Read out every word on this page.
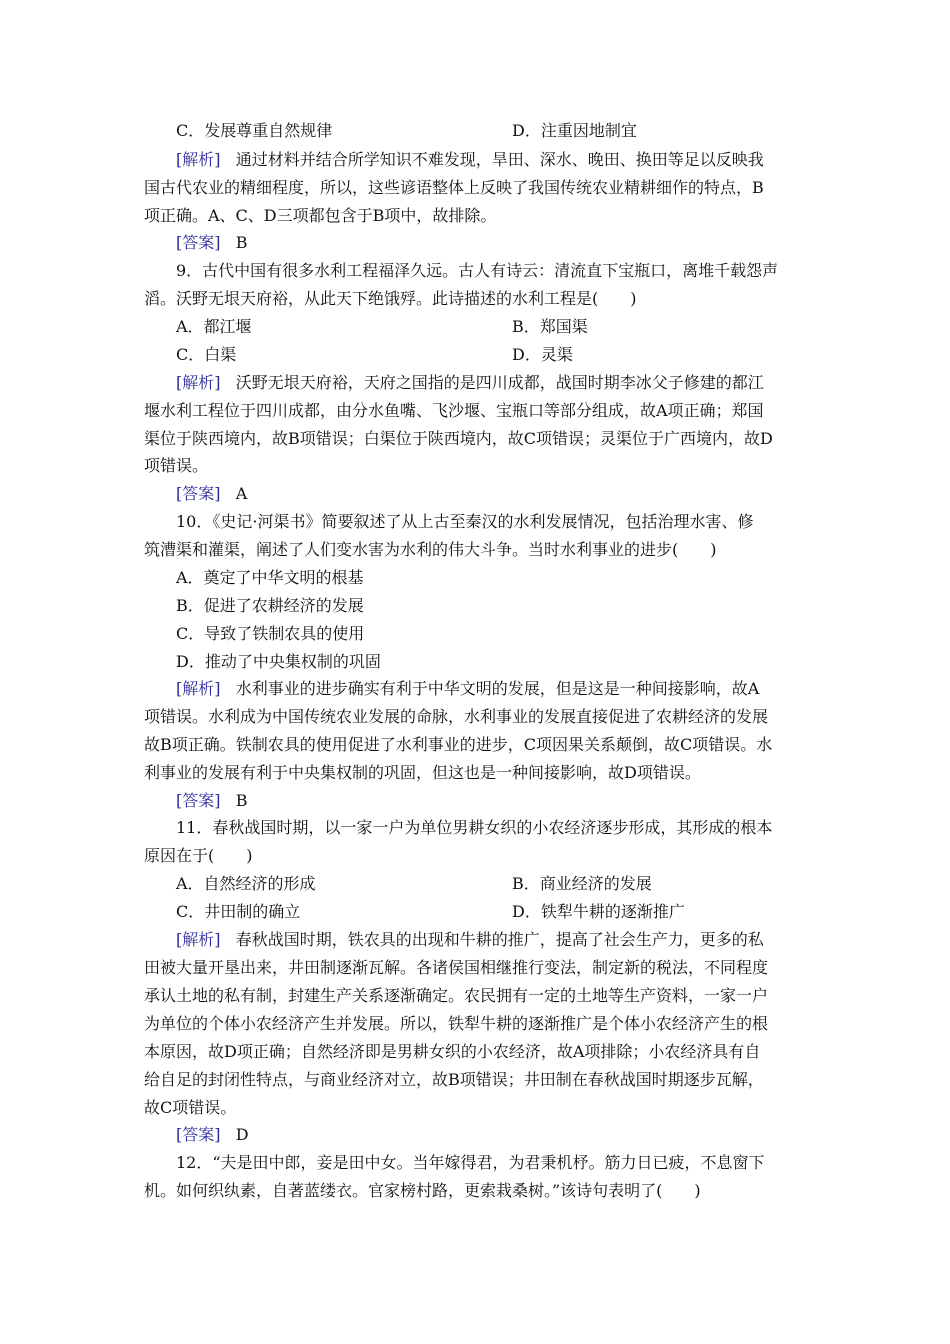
C．发展尊重自然规律	D．注重因地制宜
[解析] 通过材料并结合所学知识不难发现，旱田、深水、晚田、换田等足以反映我
国古代农业的精细程度，所以，这些谚语整体上反映了我国传统农业精耕细作的特点，B
项正确。A、C、D三项都包含于B项中，故排除。
[答案] B
9．古代中国有很多水利工程福泽久远。古人有诗云：清流直下宝瓶口，离堆千载怨声
滔。沃野无垠天府裕，从此天下绝饿殍。此诗描述的水利工程是(　　)
A．都江堰	B．郑国渠
C．白渠	D．灵渠
[解析] 沃野无垠天府裕，天府之国指的是四川成都，战国时期李冰父子修建的都江
堰水利工程位于四川成都，由分水鱼嘴、飞沙堰、宝瓶口等部分组成，故A项正确；郑国
渠位于陕西境内，故B项错误；白渠位于陕西境内，故C项错误；灵渠位于广西境内，故D
项错误。
[答案] A
10．《史记·河渠书》简要叙述了从上古至秦汉的水利发展情况，包括治理水害、修
筑漕渠和灌渠，阐述了人们变水害为水利的伟大斗争。当时水利事业的进步(　　)
A．奠定了中华文明的根基
B．促进了农耕经济的发展
C．导致了铁制农具的使用
D．推动了中央集权制的巩固
[解析] 水利事业的进步确实有利于中华文明的发展，但是这是一种间接影响，故A
项错误。水利成为中国传统农业发展的命脉，水利事业的发展直接促进了农耕经济的发展
故B项正确。铁制农具的使用促进了水利事业的进步，C项因果关系颠倒，故C项错误。水
利事业的发展有利于中央集权制的巩固，但这也是一种间接影响，故D项错误。
[答案] B
11．春秋战国时期，以一家一户为单位男耕女织的小农经济逐步形成，其形成的根本
原因在于(　　)
A．自然经济的形成	B．商业经济的发展
C．井田制的确立	D．铁犁牛耕的逐渐推广
[解析] 春秋战国时期，铁农具的出现和牛耕的推广，提高了社会生产力，更多的私
田被大量开垦出来，井田制逐渐瓦解。各诸侯国相继推行变法，制定新的税法，不同程度
承认土地的私有制，封建生产关系逐渐确定。农民拥有一定的土地等生产资料，一家一户
为单位的个体小农经济产生并发展。所以，铁犁牛耕的逐渐推广是个体小农经济产生的根
本原因，故D项正确；自然经济即是男耕女织的小农经济，故A项排除；小农经济具有自
给自足的封闭性特点，与商业经济对立，故B项错误；井田制在春秋战国时期逐步瓦解，
故C项错误。
[答案] D
12．“夫是田中郎，妾是田中女。当年嫁得君，为君秉机杼。筋力日已疲，不息窗下
机。如何织纨素，自著蓝缕衣。官家榜村路，更索栽桑树。”该诗句表明了(　　)
